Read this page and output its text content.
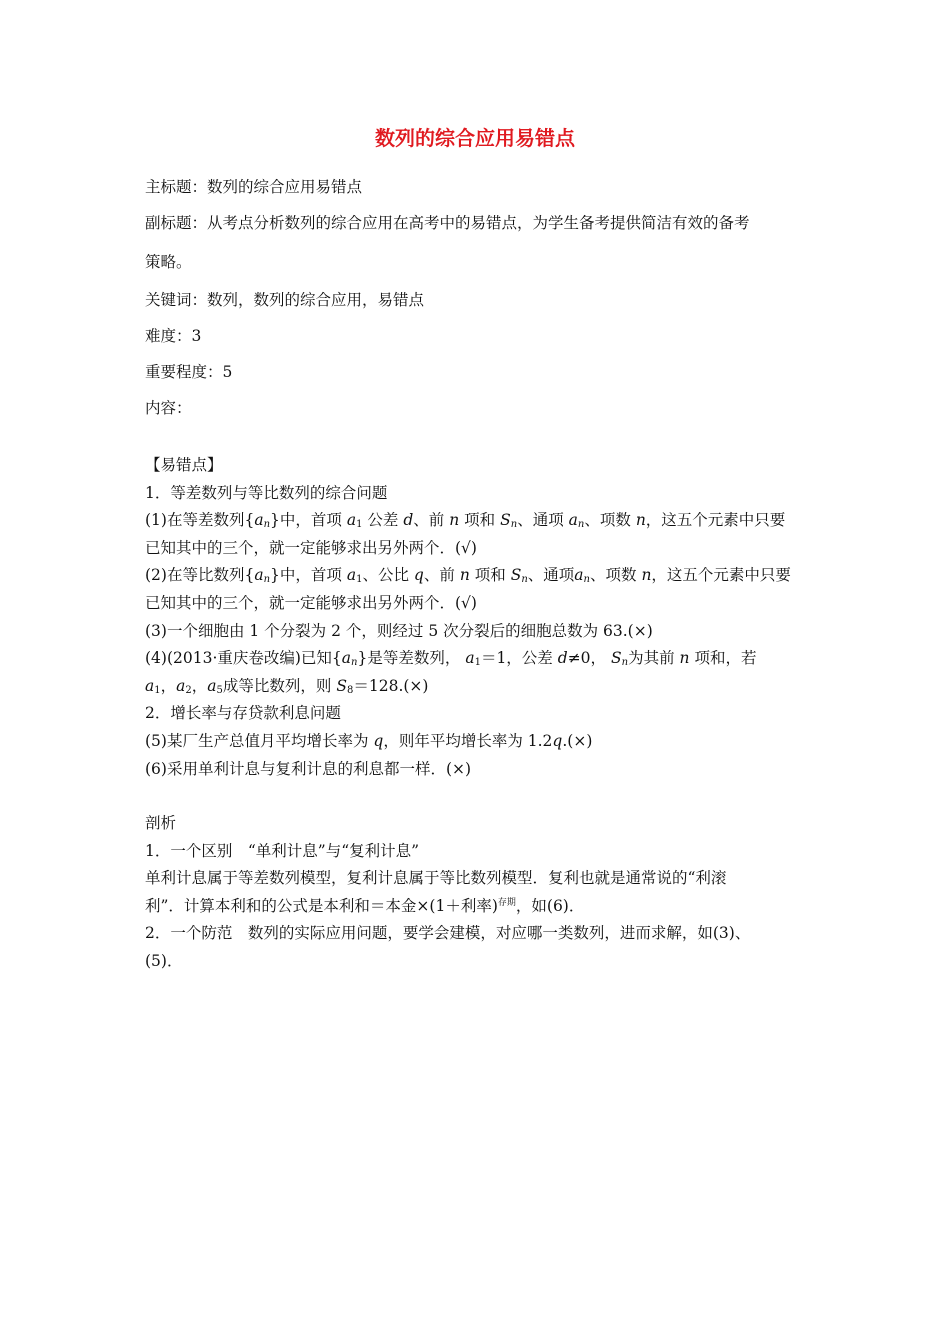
数列的综合应用易错点
主标题：数列的综合应用易错点
副标题：从考点分析数列的综合应用在高考中的易错点，为学生备考提供简洁有效的备考
策略。
关键词：数列，数列的综合应用，易错点
难度：3
重要程度：5
内容：
【易错点】
1．等差数列与等比数列的综合问题
(1)在等差数列$\{a_n\}$中，首项 $a_1$ 公差 d、前 n 项和 $S_n$、通项 $a_n$、项数 n，这五个元素中只要
已知其中的三个，就一定能够求出另外两个．(√)
(2)在等比数列$\{a_n\}$中，首项 $a_1$、公比 q、前 n 项和 $S_n$、通项$a_n$、项数 n，这五个元素中只要
已知其中的三个，就一定能够求出另外两个．(√)
(3)一个细胞由 1 个分裂为 2 个，则经过 5 次分裂后的细胞总数为 63.(×)
(4)(2013·重庆卷改编)已知$\{a_n\}$是等差数列， $a_1=1$，公差 d≠0， $S_n$为其前 n 项和，若
$a_1$，$a_2$，$a_5$成等比数列，则 $S_8=128.(\times)$
2．增长率与存贷款利息问题
(5)某厂生产总值月平均增长率为 q，则年平均增长率为 1.2q.(×)
(6)采用单利计息与复利计息的利息都一样．(×)
剖析
1．一个区别　“单利计息”与“复利计息”
单利计息属于等差数列模型，复利计息属于等比数列模型．复利也就是通常说的“利滚
利”．计算本利和的公式是本利和＝本金×(1＋利率)$^{存期}$，如(6)．
2．一个防范　数列的实际应用问题，要学会建模，对应哪一类数列，进而求解，如(3)、
(5)．
